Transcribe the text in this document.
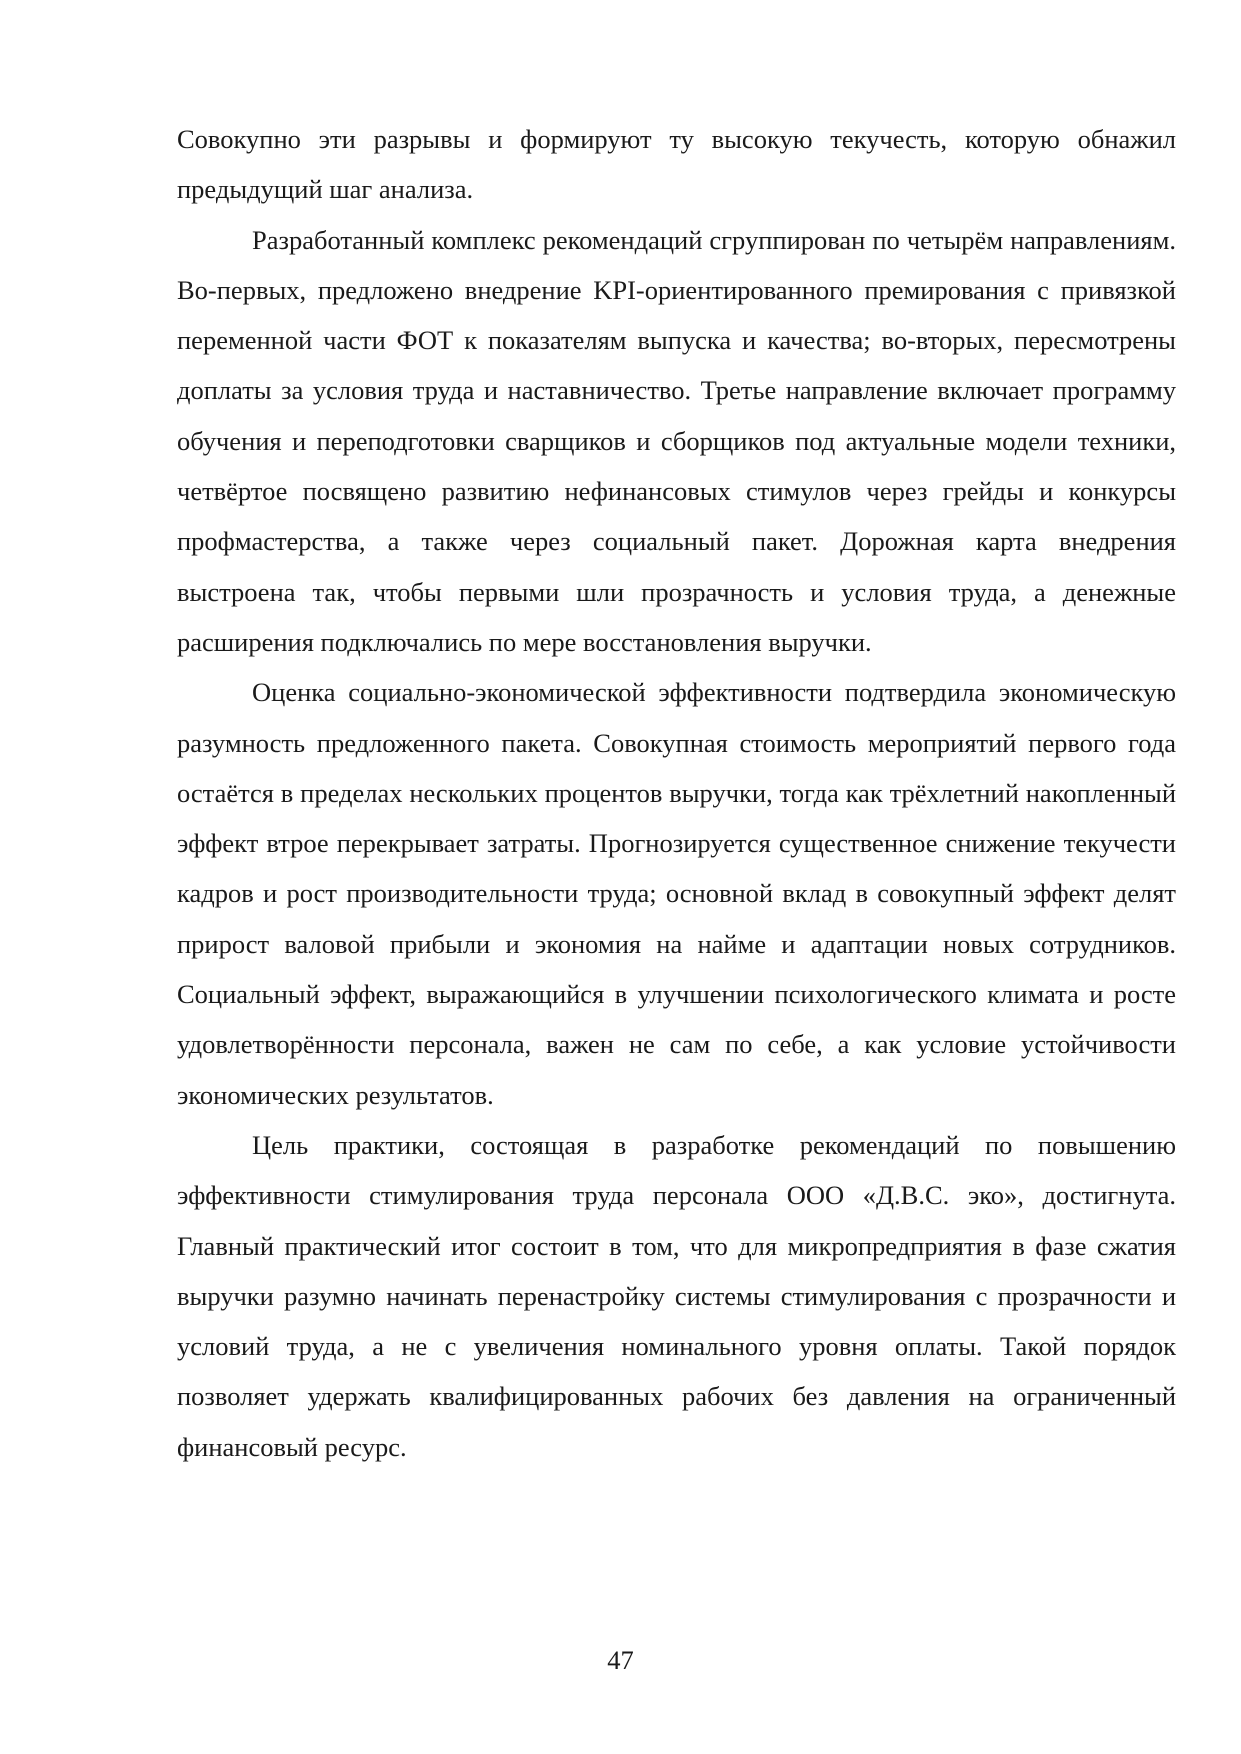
Совокупно эти разрывы и формируют ту высокую текучесть, которую обнажил предыдущий шаг анализа.

Разработанный комплекс рекомендаций сгруппирован по четырём направлениям. Во-первых, предложено внедрение KPI-ориентированного премирования с привязкой переменной части ФОТ к показателям выпуска и качества; во-вторых, пересмотрены доплаты за условия труда и наставничество. Третье направление включает программу обучения и переподготовки сварщиков и сборщиков под актуальные модели техники, четвёртое посвящено развитию нефинансовых стимулов через грейды и конкурсы профмастерства, а также через социальный пакет. Дорожная карта внедрения выстроена так, чтобы первыми шли прозрачность и условия труда, а денежные расширения подключались по мере восстановления выручки.

Оценка социально-экономической эффективности подтвердила экономическую разумность предложенного пакета. Совокупная стоимость мероприятий первого года остаётся в пределах нескольких процентов выручки, тогда как трёхлетний накопленный эффект втрое перекрывает затраты. Прогнозируется существенное снижение текучести кадров и рост производительности труда; основной вклад в совокупный эффект делят прирост валовой прибыли и экономия на найме и адаптации новых сотрудников. Социальный эффект, выражающийся в улучшении психологического климата и росте удовлетворённости персонала, важен не сам по себе, а как условие устойчивости экономических результатов.

Цель практики, состоящая в разработке рекомендаций по повышению эффективности стимулирования труда персонала ООО «Д.В.С. эко», достигнута. Главный практический итог состоит в том, что для микропредприятия в фазе сжатия выручки разумно начинать перенастройку системы стимулирования с прозрачности и условий труда, а не с увеличения номинального уровня оплаты. Такой порядок позволяет удержать квалифицированных рабочих без давления на ограниченный финансовый ресурс.

47
